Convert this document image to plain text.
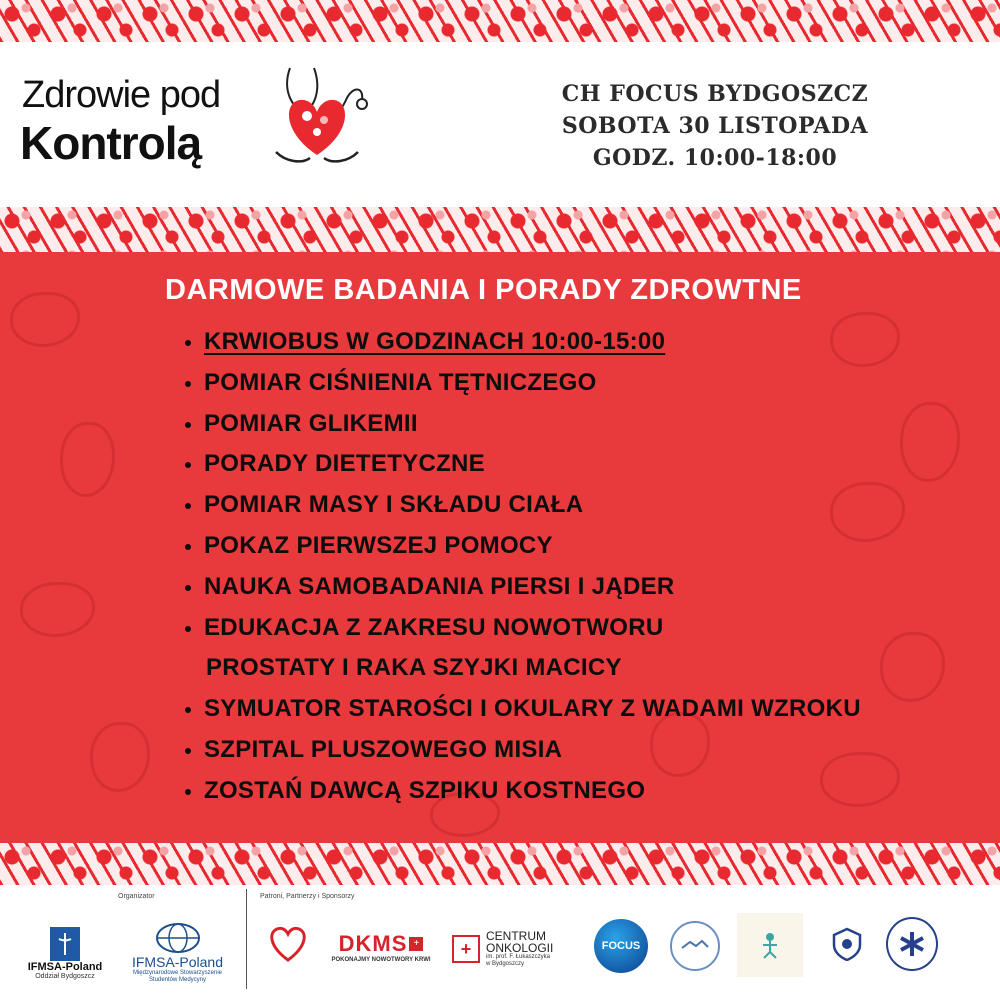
Zdrowie pod
Kontrolą
CH FOCUS BYDGOSZCZ
SOBOTA 30 LISTOPADA
GODZ. 10:00-18:00
DARMOWE BADANIA I PORADY ZDROWTNE
KRWIOBUS W GODZINACH 10:00-15:00
POMIAR CIŚNIENIA TĘTNICZEGO
POMIAR GLIKEMII
PORADY DIETETYCZNE
POMIAR MASY I SKŁADU CIAŁA
POKAZ PIERWSZEJ POMOCY
NAUKA SAMOBADANIA PIERSI I JĄDER
EDUKACJA Z ZAKRESU NOWOTWORU
PROSTATY I RAKA SZYJKI MACICY
SYMUATOR STAROŚCI I OKULARY Z WADAMI WZROKU
SZPITAL PLUSZOWEGO MISIA
ZOSTAŃ DAWCĄ SZPIKU KOSTNEGO
Organizator	Patroni, Partnerzy i Sponsorzy
IFMSA-Poland
Oddział Bydgoszcz
IFMSA-Poland
Międzynarodowe Stowarzyszenie Studentów Medycyny
DKMS +
POKONAJMY NOWOTWORY KRWI
+
CENTRUM
ONKOLOGII
im. prof. F. Łukaszczyka
w Bydgoszczy
FOCUS
